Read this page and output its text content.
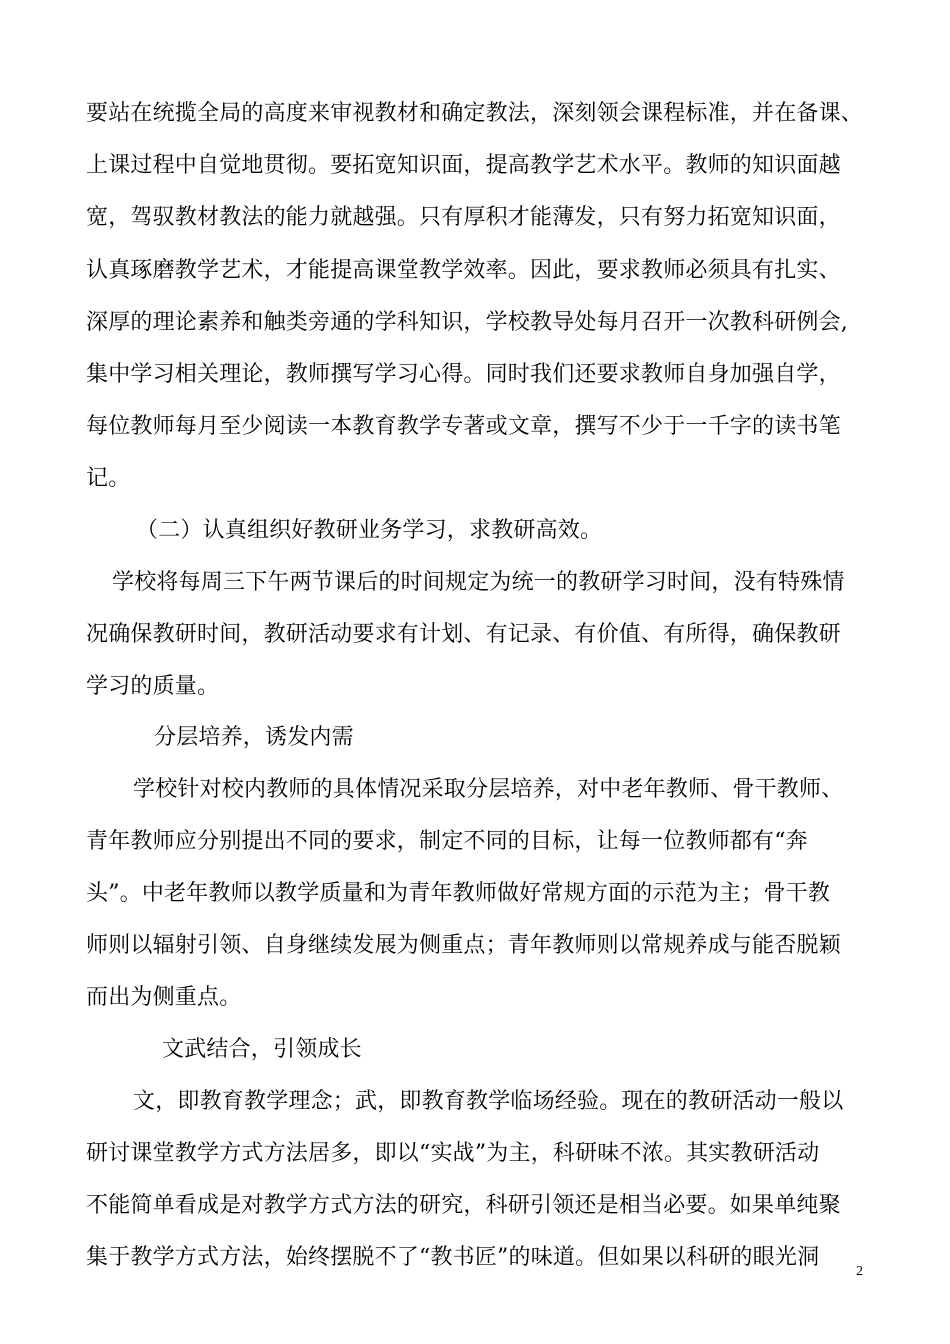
要站在统揽全局的高度来审视教材和确定教法，深刻领会课程标准，并在备课、
上课过程中自觉地贯彻。要拓宽知识面，提高教学艺术水平。教师的知识面越
宽，驾驭教材教法的能力就越强。只有厚积才能薄发，只有努力拓宽知识面，
认真琢磨教学艺术，才能提高课堂教学效率。因此，要求教师必须具有扎实、
深厚的理论素养和触类旁通的学科知识，学校教导处每月召开一次教科研例会,
集中学习相关理论，教师撰写学习心得。同时我们还要求教师自身加强自学，
每位教师每月至少阅读一本教育教学专著或文章，撰写不少于一千字的读书笔
记。
（二）认真组织好教研业务学习，求教研高效。
学校将每周三下午两节课后的时间规定为统一的教研学习时间，没有特殊情
况确保教研时间，教研活动要求有计划、有记录、有价值、有所得，确保教研
学习的质量。
分层培养，诱发内需
学校针对校内教师的具体情况采取分层培养，对中老年教师、骨干教师、
青年教师应分别提出不同的要求，制定不同的目标，让每一位教师都有“奔
头”。中老年教师以教学质量和为青年教师做好常规方面的示范为主；骨干教
师则以辐射引领、自身继续发展为侧重点；青年教师则以常规养成与能否脱颖
而出为侧重点。
文武结合，引领成长
文，即教育教学理念；武，即教育教学临场经验。现在的教研活动一般以
研讨课堂教学方式方法居多，即以“实战”为主，科研味不浓。其实教研活动
不能简单看成是对教学方式方法的研究，科研引领还是相当必要。如果单纯聚
集于教学方式方法，始终摆脱不了“教书匠”的味道。但如果以科研的眼光洞
2
